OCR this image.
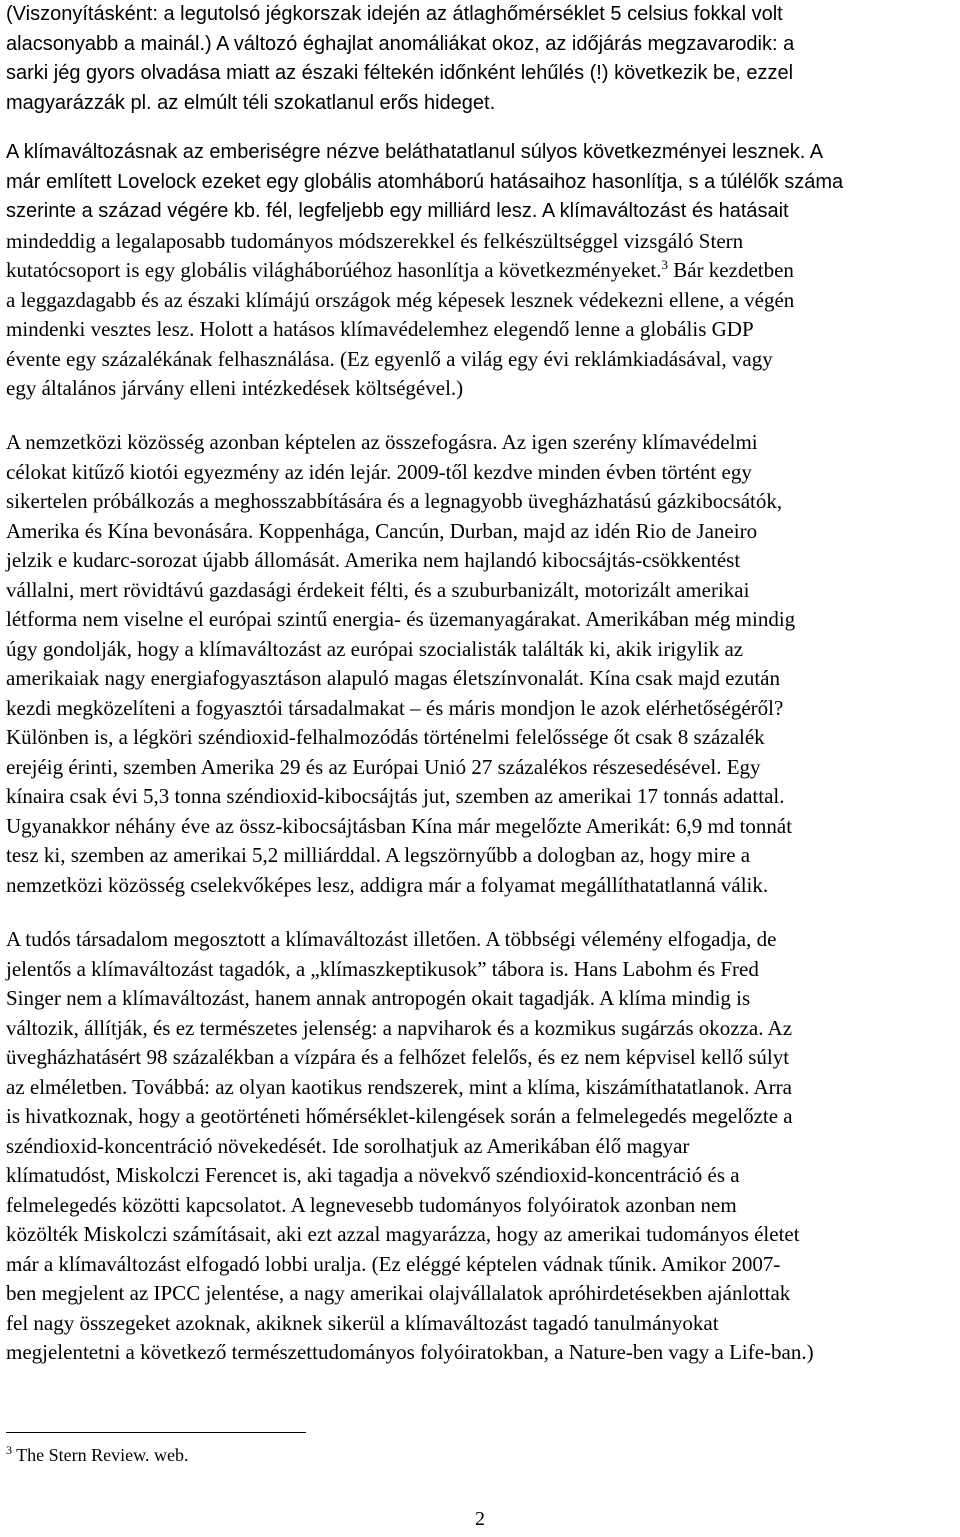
(Viszonyításként: a legutolsó jégkorszak idején az átlaghőmérséklet 5 celsius fokkal volt
alacsonyabb a mainál.) A változó éghajlat anomáliákat okoz, az időjárás megzavarodik: a
sarki jég gyors olvadása miatt az északi féltekén időnként lehűlés (!) következik be, ezzel
magyarázzák pl. az elmúlt téli szokatlanul erős hideget.
A klímaváltozásnak az emberiségre nézve beláthatatlanul súlyos következményei lesznek. A
már említett Lovelock ezeket egy globális atomháború hatásaihoz hasonlítja, s a túlélők száma
szerinte a század végére kb. fél, legfeljebb egy milliárd lesz. A klímaváltozást és hatásait
mindeddig a legalaposabb tudományos módszerekkel és felkészültséggel vizsgáló Stern
kutatócsoport is egy globális világháborúéhoz hasonlítja a következményeket.$^3$ Bár kezdetben
a leggazdagabb és az északi klímájú országok még képesek lesznek védekezni ellene, a végén
mindenki vesztes lesz. Holott a hatásos klímavédelemhez elegendő lenne a globális GDP
évente egy százalékának felhasználása. (Ez egyenlő a világ egy évi reklámkiadásával, vagy
egy általános járvány elleni intézkedések költségével.)
A nemzetközi közösség azonban képtelen az összefogásra. Az igen szerény klímavédelmi
célokat kitűző kiotói egyezmény az idén lejár. 2009-től kezdve minden évben történt egy
sikertelen próbálkozás a meghosszabbítására és a legnagyobb üvegházhatású gázkibocsátók,
Amerika és Kína bevonására. Koppenhága, Cancún, Durban, majd az idén Rio de Janeiro
jelzik e kudarc-sorozat újabb állomását. Amerika nem hajlandó kibocsájtás-csökkentést
vállalni, mert rövidtávú gazdasági érdekeit félti, és a szuburbanizált, motorizált amerikai
létforma nem viselne el európai szintű energia- és üzemanyagárakat. Amerikában még mindig
úgy gondolják, hogy a klímaváltozást az európai szocialisták találták ki, akik irigylik az
amerikaiak nagy energiafogyasztáson alapuló magas életszínvonalát. Kína csak majd ezután
kezdi megközelíteni a fogyasztói társadalmakat – és máris mondjon le azok elérhetőségéről?
Különben is, a légköri széndioxid-felhalmozódás történelmi felelőssége őt csak 8 százalék
erejéig érinti, szemben Amerika 29 és az Európai Unió 27 százalékos részesedésével. Egy
kínaira csak évi 5,3 tonna széndioxid-kibocsájtás jut, szemben az amerikai 17 tonnás adattal.
Ugyanakkor néhány éve az össz-kibocsájtásban Kína már megelőzte Amerikát: 6,9 md tonnát
tesz ki, szemben az amerikai 5,2 milliárddal. A legszörnyűbb a dologban az, hogy mire a
nemzetközi közösség cselekvőképes lesz, addigra már a folyamat megállíthatatlanná válik.
A tudós társadalom megosztott a klímaváltozást illetően. A többségi vélemény elfogadja, de
jelentős a klímaváltozást tagadók, a „klímaszkeptikusok” tábora is. Hans Labohm és Fred
Singer nem a klímaváltozást, hanem annak antropogén okait tagadják. A klíma mindig is
változik, állítják, és ez természetes jelenség: a napviharok és a kozmikus sugárzás okozza. Az
üvegházhatásért 98 százalékban a vízpára és a felhőzet felelős, és ez nem képvisel kellő súlyt
az elméletben. Továbbá: az olyan kaotikus rendszerek, mint a klíma, kiszámíthatatlanok. Arra
is hivatkoznak, hogy a geotörténeti hőmérséklet-kilengések során a felmelegedés megelőzte a
széndioxid-koncentráció növekedését. Ide sorolhatjuk az Amerikában élő magyar
klímatudóst, Miskolczi Ferencet is, aki tagadja a növekvő széndioxid-koncentráció és a
felmelegedés közötti kapcsolatot. A legnevesebb tudományos folyóiratok azonban nem
közölték Miskolczi számításait, aki ezt azzal magyarázza, hogy az amerikai tudományos életet
már a klímaváltozást elfogadó lobbi uralja. (Ez eléggé képtelen vádnak tűnik. Amikor 2007-
ben megjelent az IPCC jelentése, a nagy amerikai olajvállalatok apróhirdetésekben ajánlottak
fel nagy összegeket azoknak, akiknek sikerül a klímaváltozást tagadó tanulmányokat
megjelentetni a következő természettudományos folyóiratokban, a Nature-ben vagy a Life-ban.)
$^3$ The Stern Review. web.
2
